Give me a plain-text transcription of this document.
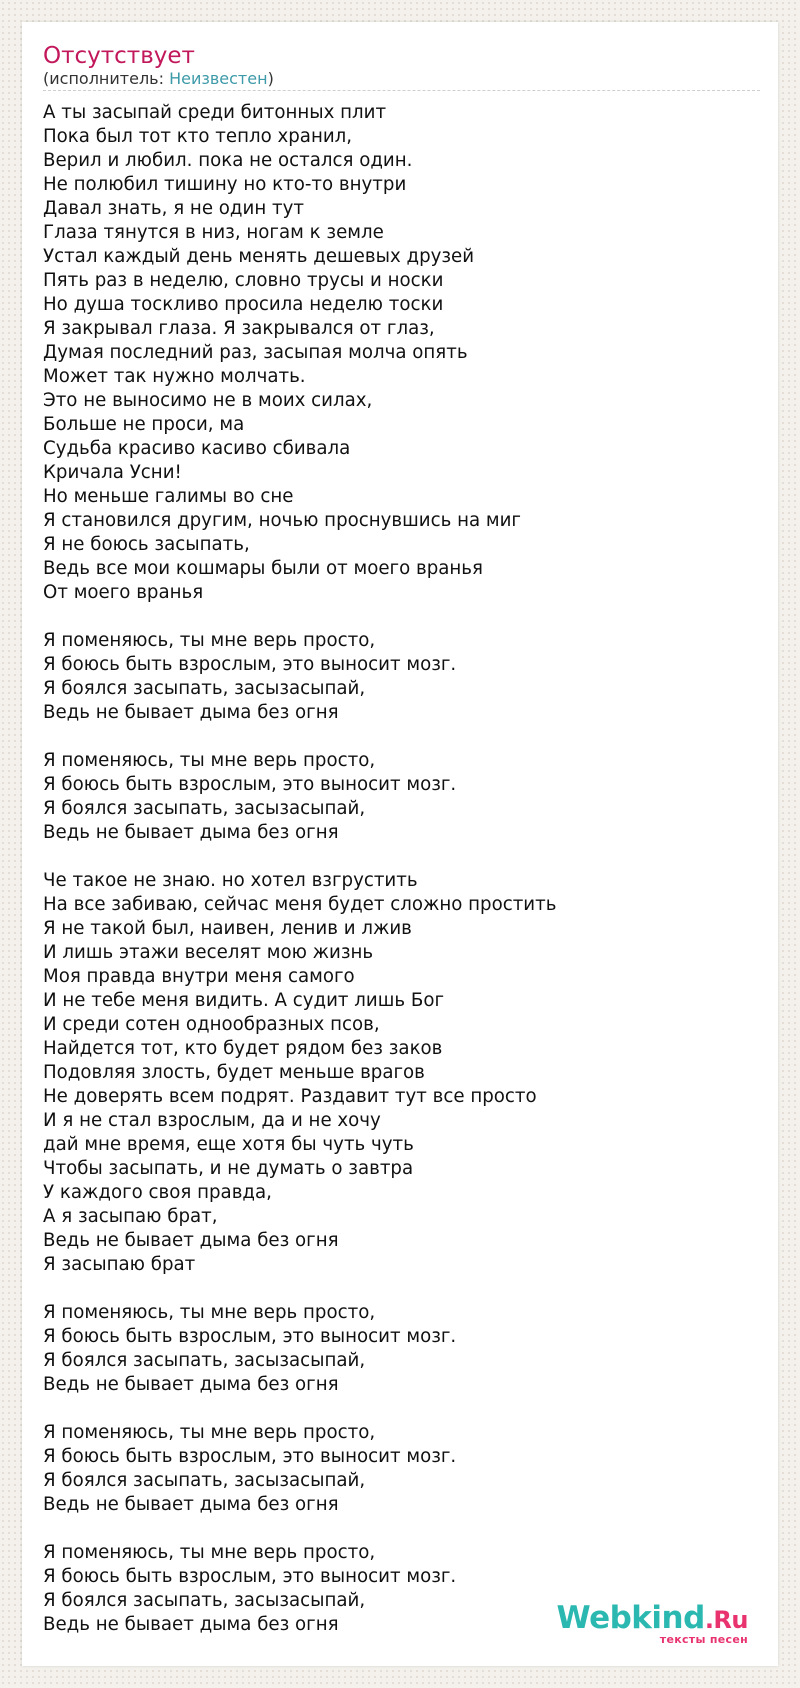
Отсутствует
(исполнитель: Неизвестен)
А ты засыпай среди битонных плит
Пока был тот кто тепло хранил,
Верил и любил. пока не остался один.
Не полюбил тишину но кто-то внутри
Давал знать, я не один тут
Глаза тянутся в низ, ногам к земле
Устал каждый день менять дешевых друзей
Пять раз в неделю, словно трусы и носки
Но душа тоскливо просила неделю тоски
Я закрывал глаза. Я закрывался от глаз,
Думая последний раз, засыпая молча опять
Может так нужно молчать.
Это не выносимо не в моих силах,
Больше не проси, ма
Судьба красиво касиво сбивала
Кричала Усни!
Но меньше галимы во сне
Я становился другим, ночью проснувшись на миг
Я не боюсь засыпать,
Ведь все мои кошмары были от моего вранья
От моего вранья
Я поменяюсь, ты мне верь просто,
Я боюсь быть взрослым, это выносит мозг.
Я боялся засыпать, засызасыпай,
Ведь не бывает дыма без огня
Я поменяюсь, ты мне верь просто,
Я боюсь быть взрослым, это выносит мозг.
Я боялся засыпать, засызасыпай,
Ведь не бывает дыма без огня
Че такое не знаю. но хотел взгрустить
На все забиваю, сейчас меня будет сложно простить
Я не такой был, наивен, ленив и лжив
И лишь этажи веселят мою жизнь
Моя правда внутри меня самого
И не тебе меня видить. А судит лишь Бог
И среди сотен однообразных псов,
Найдется тот, кто будет рядом без заков
Подовляя злость, будет меньше врагов
Не доверять всем подрят. Раздавит тут все просто
И я не стал взрослым, да и не хочу
дай мне время, еще хотя бы чуть чуть
Чтобы засыпать, и не думать о завтра
У каждого своя правда,
А я засыпаю брат,
Ведь не бывает дыма без огня
Я засыпаю брат
Я поменяюсь, ты мне верь просто,
Я боюсь быть взрослым, это выносит мозг.
Я боялся засыпать, засызасыпай,
Ведь не бывает дыма без огня
Я поменяюсь, ты мне верь просто,
Я боюсь быть взрослым, это выносит мозг.
Я боялся засыпать, засызасыпай,
Ведь не бывает дыма без огня
Я поменяюсь, ты мне верь просто,
Я боюсь быть взрослым, это выносит мозг.
Я боялся засыпать, засызасыпай,
Ведь не бывает дыма без огня	Webkind.Ru
тексты песен
